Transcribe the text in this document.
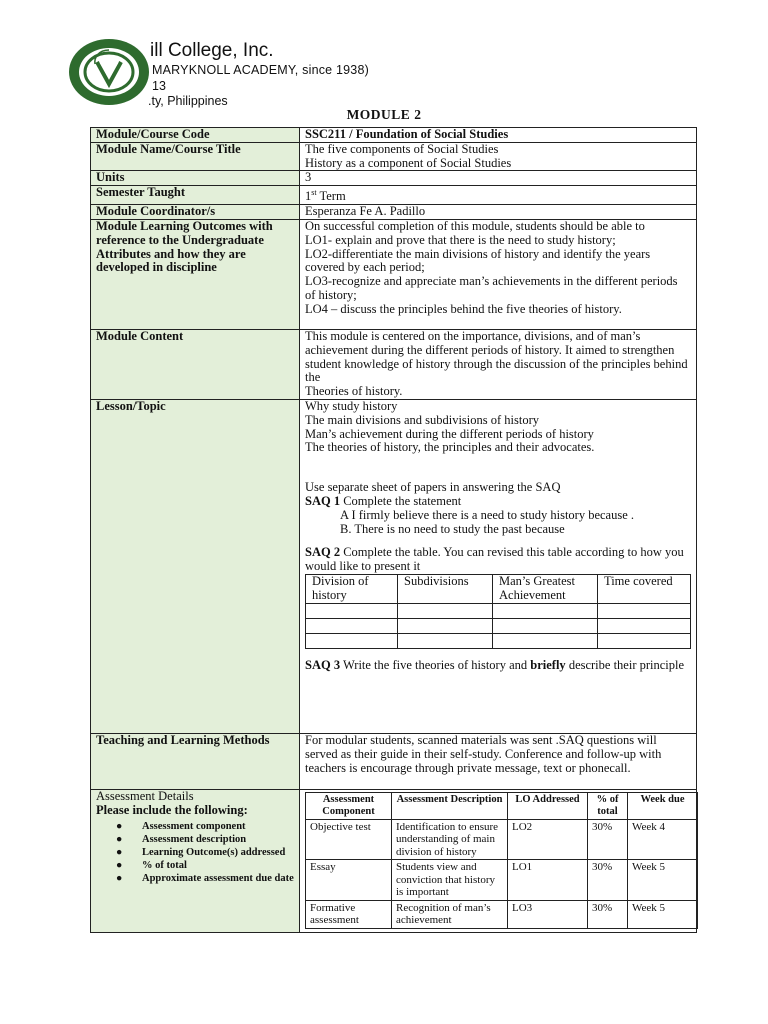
ill College, Inc.
MARYKNOLL ACADEMY, since 1938)
13
.ty, Philippines
MODULE 2
Module/Course Code	SSC211 / Foundation of Social Studies
Module Name/Course Title	The five components of Social Studies
History as a component of Social Studies

Units	3
Semester Taught	1st Term
Module Coordinator/s	Esperanza Fe A. Padillo
Module Learning Outcomes with reference to the Undergraduate Attributes and how they are developed in discipline	
On successful completion of this module, students should be able to
LO1- explain and prove that there is the need to study history;
LO2-differentiate the main divisions of history and identify the years covered by each period;
LO3-recognize and appreciate man’s achievements in the different periods of history;
LO4 – discuss the principles behind the five theories of history.

Module Content	This module is centered on the importance, divisions, and of man’s achievement during the different periods of history. It aimed to strengthen student knowledge of history through the discussion of the principles behind the
Theories of history.

Lesson/Topic	Why study history
The main divisions and subdivisions of history
Man’s achievement during the different periods of history
The theories of history, the principles and their advocates.
Use separate sheet of papers in answering the SAQ
SAQ 1 Complete the statement
A I firmly believe there is a need to study history because .
B. There is no need to study the past because
SAQ 2 Complete the table. You can revised this table according to how you would like to present it
Division of history	Subdivisions	Man’s Greatest Achievement	Time covered

SAQ 3 Write the five theories of history and briefly describe their principle

Teaching and Learning Methods	For modular students, scanned materials was sent .SAQ questions will served as their guide in their self-study. Conference and follow-up with teachers is encourage through private message, text or phonecall.

Assessment Details
Please include the following:
● Assessment component
● Assessment description
● Learning Outcome(s) addressed
● % of total
● Approximate assessment due date

Assessment Component	Assessment Description	LO Addressed	% of total	Week due
Objective test	Identification to ensure understanding of main division of history	LO2	30%	Week 4
Essay	Students view and conviction that history is important	LO1	30%	Week 5
Formative assessment	Recognition of man’s achievement	LO3	30%	Week 5
